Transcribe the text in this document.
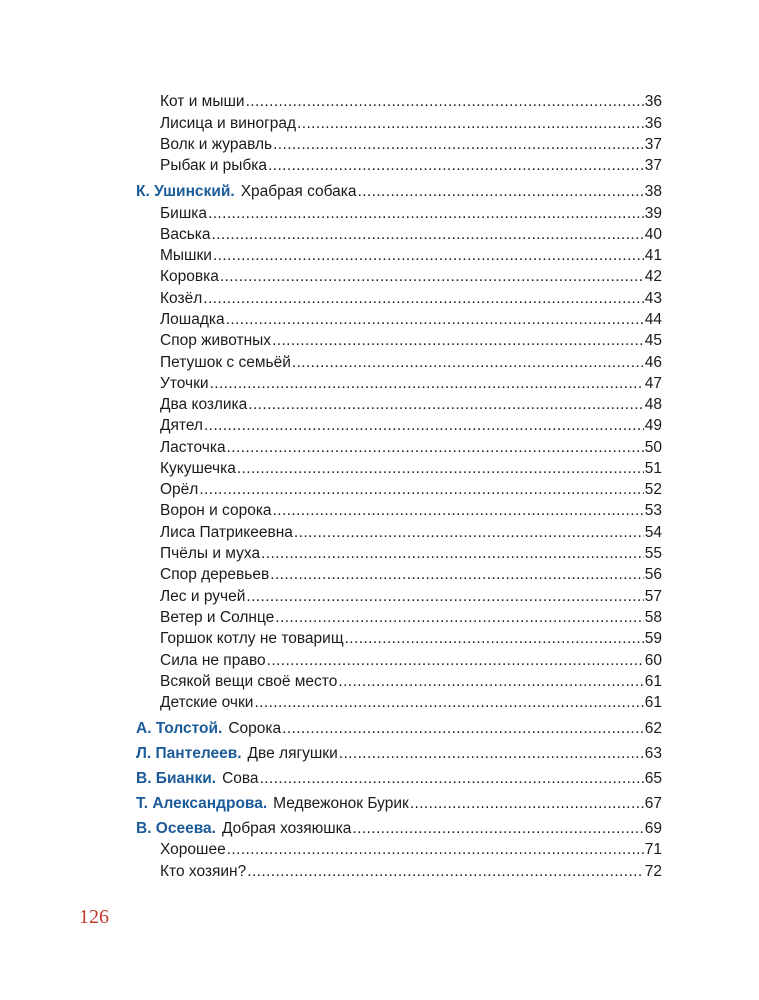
Кот и мыши .....	36
Лисица и виноград .....	36
Волк и журавль .....	37
Рыбак и рыбка .....	37
К. Ушинский. Храбрая собака .....	38
Бишка .....	39
Васька .....	40
Мышки .....	41
Коровка .....	42
Козёл .....	43
Лошадка .....	44
Спор животных .....	45
Петушок с семьёй .....	46
Уточки .....	47
Два козлика .....	48
Дятел .....	49
Ласточка .....	50
Кукушечка .....	51
Орёл .....	52
Ворон и сорока .....	53
Лиса Патрикеевна .....	54
Пчёлы и муха .....	55
Спор деревьев .....	56
Лес и ручей .....	57
Ветер и Солнце .....	58
Горшок котлу не товарищ .....	59
Сила не право .....	60
Всякой вещи своё место .....	61
Детские очки .....	61
А. Толстой. Сорока .....	62
Л. Пантелеев. Две лягушки .....	63
В. Бианки. Сова .....	65
Т. Александрова. Медвежонок Бурик .....	67
В. Осеева. Добрая хозяюшка .....	69
Хорошее .....	71
Кто хозяин? .....	72
126
